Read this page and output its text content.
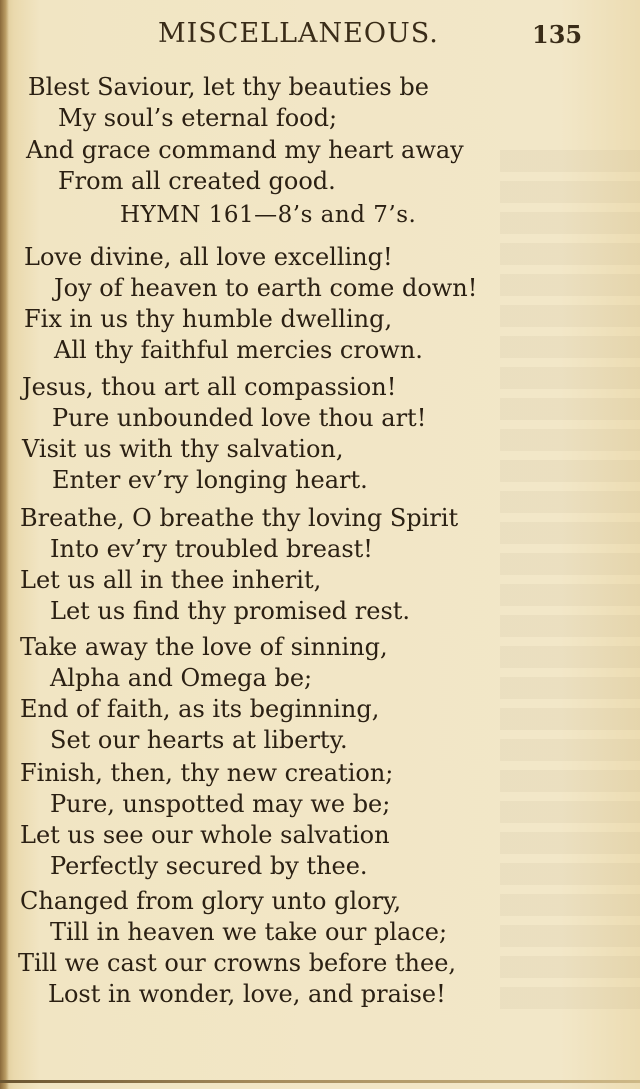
MISCELLANEOUS.	135
Blest Saviour, let thy beauties be
My soul’s eternal food;
And grace command my heart away
From all created good.
HYMN 161—8’s and 7’s.
Love divine, all love excelling!
Joy of heaven to earth come down!
Fix in us thy humble dwelling,
All thy faithful mercies crown.
Jesus, thou art all compassion!
Pure unbounded love thou art!
Visit us with thy salvation,
Enter ev’ry longing heart.
Breathe, O breathe thy loving Spirit
Into ev’ry troubled breast!
Let us all in thee inherit,
Let us find thy promised rest.
Take away the love of sinning,
Alpha and Omega be;
End of faith, as its beginning,
Set our hearts at liberty.
Finish, then, thy new creation;
Pure, unspotted may we be;
Let us see our whole salvation
Perfectly secured by thee.
Changed from glory unto glory,
Till in heaven we take our place;
Till we cast our crowns before thee,
Lost in wonder, love, and praise!
